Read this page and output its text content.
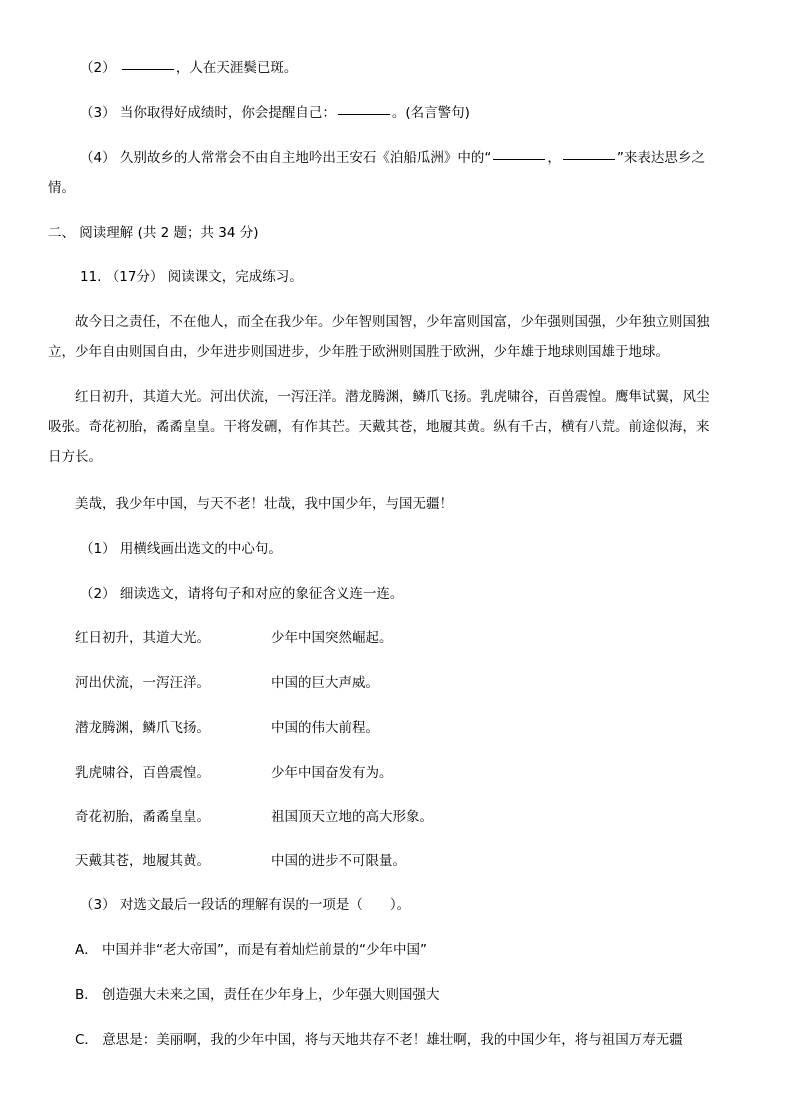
（2）	，人在天涯鬓已斑。
（3） 当你取得好成绩时，你会提醒自己：	。(名言警句)
（4） 久别故乡的人常常会不由自主地吟出王安石《泊船瓜洲》中的“	，	”来表达思乡之
情。
二、 阅读理解 (共 2 题；共 34 分)
11. （17分） 阅读课文，完成练习。
故今日之责任，不在他人，而全在我少年。少年智则国智，少年富则国富，少年强则国强，少年独立则国独
立，少年自由则国自由，少年进步则国进步，少年胜于欧洲则国胜于欧洲，少年雄于地球则国雄于地球。
红日初升，其道大光。河出伏流，一泻汪洋。潜龙腾渊，鳞爪飞扬。乳虎啸谷，百兽震惶。鹰隼试翼，风尘
吸张。奇花初胎，矞矞皇皇。干将发硎，有作其芒。天戴其苍，地履其黄。纵有千古，横有八荒。前途似海，来
日方长。
美哉，我少年中国，与天不老！壮哉，我中国少年，与国无疆！
（1） 用横线画出选文的中心句。
（2） 细读选文，请将句子和对应的象征含义连一连。
红日初升，其道大光。	少年中国突然崛起。
河出伏流，一泻汪洋。	中国的巨大声威。
潜龙腾渊，鳞爪飞扬。	中国的伟大前程。
乳虎啸谷，百兽震惶。	少年中国奋发有为。
奇花初胎，矞矞皇皇。	祖国顶天立地的高大形象。
天戴其苍，地履其黄。	中国的进步不可限量。
（3） 对选文最后一段话的理解有误的一项是（　　）。
A． 中国并非“老大帝国”，而是有着灿烂前景的“少年中国”
B． 创造强大未来之国，责任在少年身上，少年强大则国强大
C． 意思是：美丽啊，我的少年中国，将与天地共存不老！雄壮啊，我的中国少年，将与祖国万寿无疆
